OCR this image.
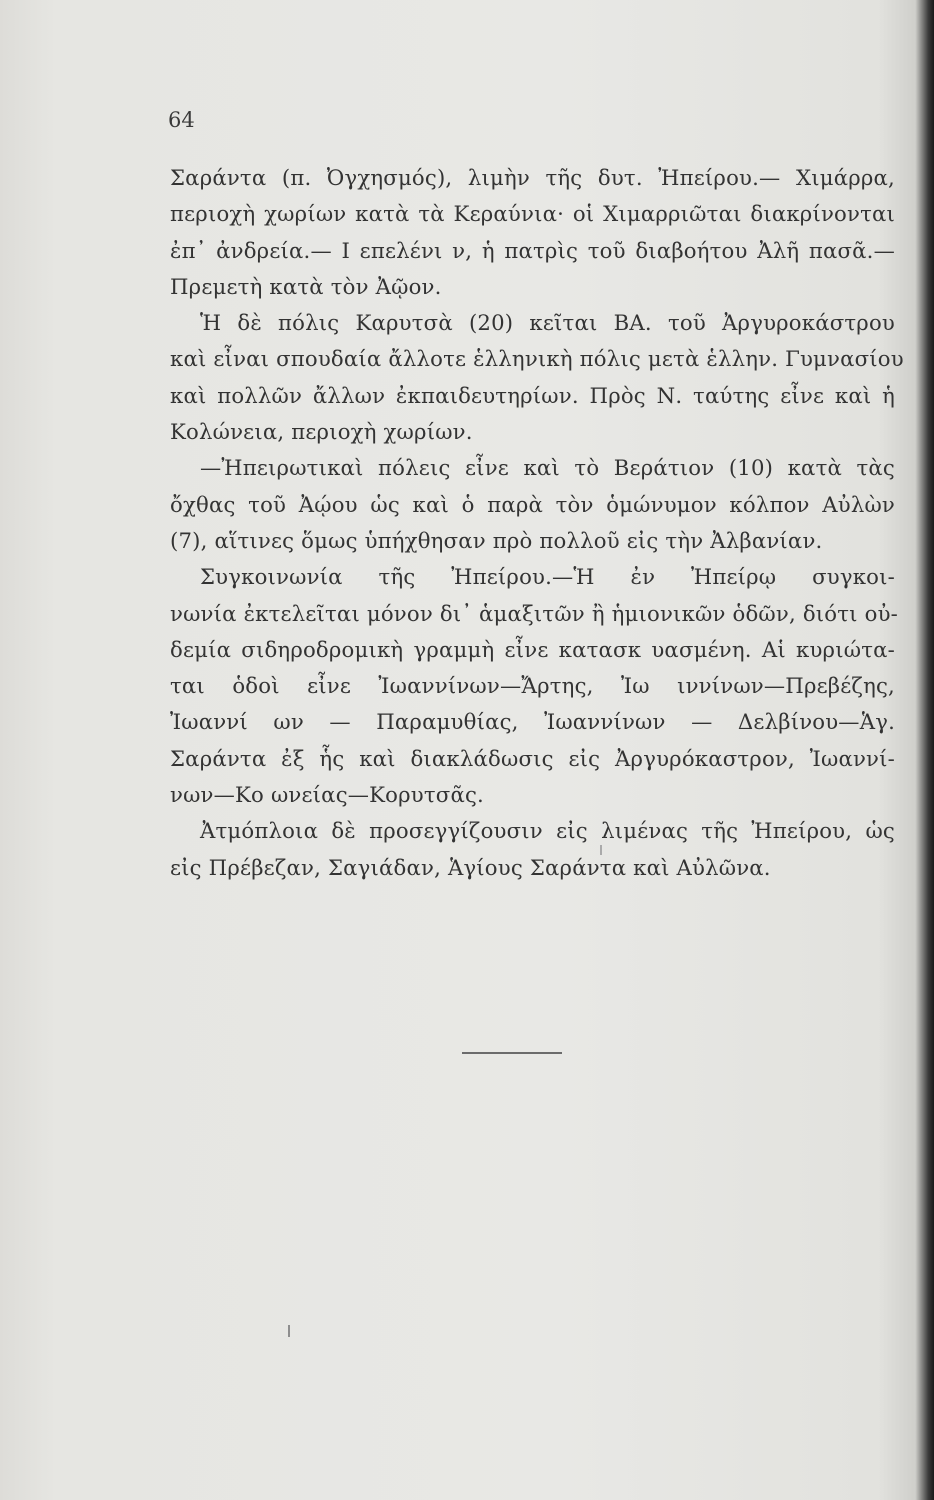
64
Σαράντα (π. Ὀγχησμός), λιμὴν τῆς δυτ. Ἠπείρου.— Χιμάρρα,
περιοχὴ χωρίων κατὰ τὰ Κεραύνια· οἱ Χιμαρριῶται διακρίνονται
ἐπ᾽ ἀνδρεία.— Ι επελένι ν, ἡ πατρὶς τοῦ διαβοήτου Ἀλῆ πασᾶ.—
Πρεμετὴ κατὰ τὸν Ἀῷον.
Ἡ δὲ πόλις Καρυτσὰ (20) κεῖται ΒΑ. τοῦ Ἀργυροκάστρου
καὶ εἶναι σπουδαία ἄλλοτε ἑλληνικὴ πόλις μετὰ ἑλλην. Γυμνασίου
καὶ πολλῶν ἄλλων ἐκπαιδευτηρίων. Πρὸς Ν. ταύτης εἶνε καὶ ἡ
Κολώνεια, περιοχὴ χωρίων.
—Ἠπειρωτικαὶ πόλεις εἶνε καὶ τὸ Βεράτιον (10) κατὰ τὰς
ὄχθας τοῦ Ἀῴου ὡς καὶ ὁ παρὰ τὸν ὁμώνυμον κόλπον Αὐλὼν
(7), αἵτινες ὅμως ὑπήχθησαν πρὸ πολλοῦ εἰς τὴν Ἀλβανίαν.
Συγκοινωνία τῆς Ἠπείρου.—Ἡ ἐν Ἠπείρῳ συγκοι-
νωνία ἐκτελεῖται μόνον δι᾽ ἁμαξιτῶν ἢ ἡμιονικῶν ὁδῶν, διότι οὐ-
δεμία σιδηροδρομικὴ γραμμὴ εἶνε κατασκ υασμένη. Αἱ κυριώτα-
ται ὁδοὶ εἶνε Ἰωαννίνων—Ἄρτης, Ἰω ιννίνων—Πρεβέζης,
Ἰωαννί ων — Παραμυθίας, Ἰωαννίνων — Δελβίνου—Ἁγ.
Σαράντα ἐξ ἧς καὶ διακλάδωσις εἰς Ἀργυρόκαστρον, Ἰωαννί-
νων—Κο ωνείας—Κορυτσᾶς.
Ἀτμόπλοια δὲ προσεγγίζουσιν εἰς λιμένας τῆς Ἠπείρου, ὡς
εἰς Πρέβεζαν, Σαγιάδαν, Ἁγίους Σαράντα καὶ Αὐλῶνα.
